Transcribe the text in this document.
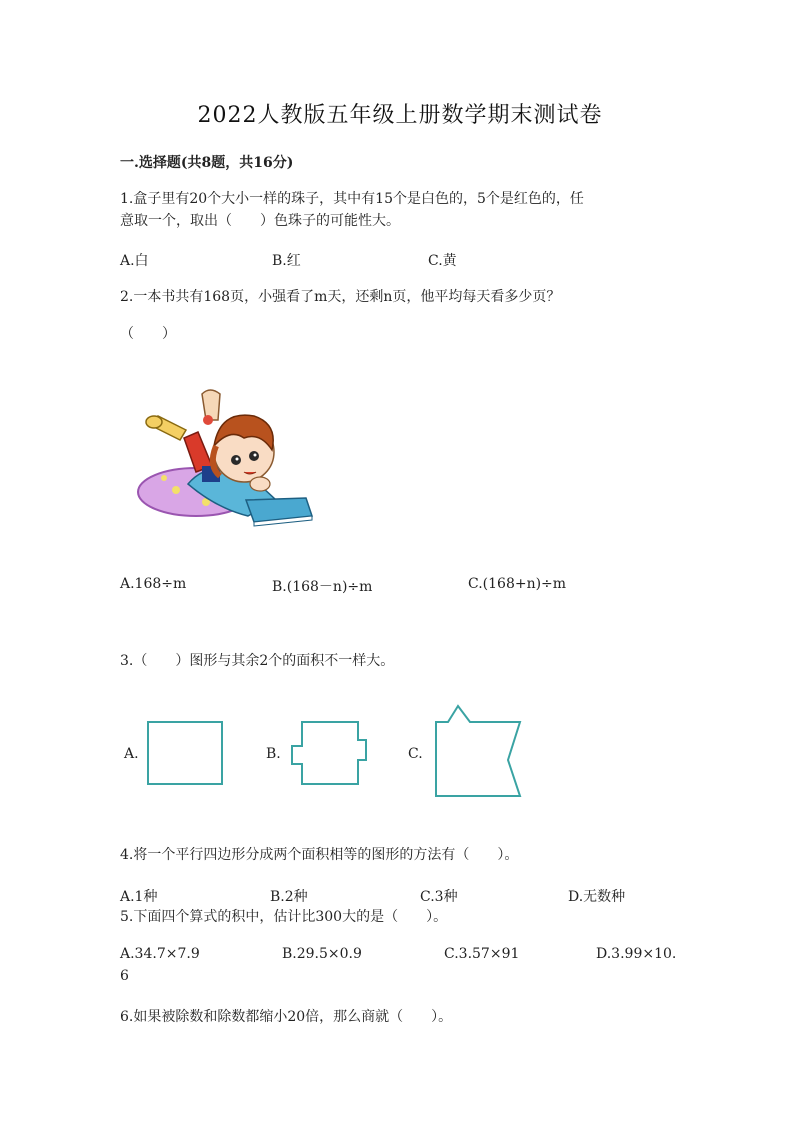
2022人教版五年级上册数学期末测试卷
一.选择题(共8题，共16分)
1.盒子里有20个大小一样的珠子，其中有15个是白色的，5个是红色的，任
意取一个，取出（　　）色珠子的可能性大。
A.白	B.红	C.黄
2.一本书共有168页，小强看了m天，还剩n页，他平均每天看多少页？
（　　）
A.168÷m	B.(168－n)÷m	C.(168+n)÷m
3.（　　）图形与其余2个的面积不一样大。
A.	B.	C.
4.将一个平行四边形分成两个面积相等的图形的方法有（　　）。
A.1种	B.2种	C.3种	D.无数种
5.下面四个算式的积中，估计比300大的是（　　）。
A.34.7×7.9	B.29.5×0.9	C.3.57×91	D.3.99×10.
6
6.如果被除数和除数都缩小20倍，那么商就（　　）。
